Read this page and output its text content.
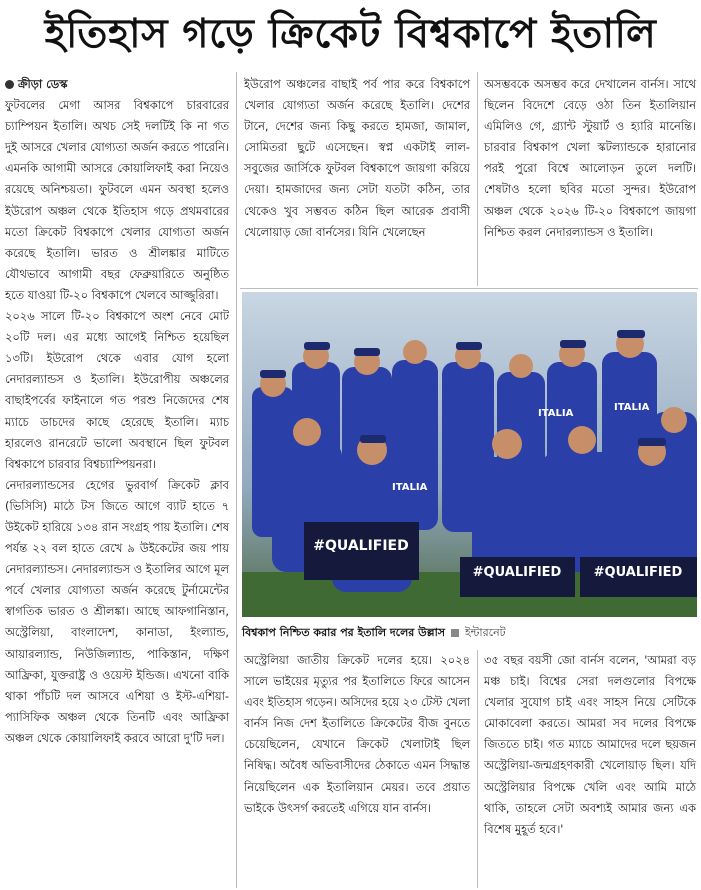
ইতিহাস গড়ে ক্রিকেট বিশ্বকাপে ইতালি
ক্রীড়া ডেস্ক

ফুটবলের মেগা আসর বিশ্বকাপে চারবারের চ্যাম্পিয়ন ইতালি। অথচ সেই দলটিই কি না গত দুই আসরে খেলার যোগ্যতা অর্জন করতে পারেনি। এমনকি আগামী আসরে কোয়ালিফাই করা নিয়েও রয়েছে অনিশ্চয়তা। ফুটবলে এমন অবস্থা হলেও ইউরোপ অঞ্চল থেকে ইতিহাস গড়ে প্রথমবারের মতো ক্রিকেট বিশ্বকাপে খেলার যোগ্যতা অর্জন করেছে ইতালি। ভারত ও শ্রীলঙ্কার মাটিতে যৌথভাবে আগামী বছর ফেব্রুয়ারিতে অনুষ্ঠিত হতে যাওয়া টি-২০ বিশ্বকাপে খেলবে আজ্জুরিরা।

২০২৬ সালে টি-২০ বিশ্বকাপে অংশ নেবে মোট ২০টি দল। এর মধ্যে আগেই নিশ্চিত হয়েছিল ১৩টি। ইউরোপ থেকে এবার যোগ হলো নেদারল্যান্ডস ও ইতালি। ইউরোপীয় অঞ্চলের বাছাইপর্বের ফাইনালে গত পরশু নিজেদের শেষ ম্যাচে ডাচদের কাছে হেরেছে ইতালি। ম্যাচ হারলেও রানরেটে ভালো অবস্থানে ছিল ফুটবল বিশ্বকাপে চারবার বিশ্বচ্যাম্পিয়নরা।

নেদারল্যান্ডসের হেগের ভুরবার্গ ক্রিকেট ক্লাব (ভিসিসি) মাঠে টস জিতে আগে ব্যাট হাতে ৭ উইকেট হারিয়ে ১৩৪ রান সংগ্রহ পায় ইতালি। শেষ পর্যন্ত ২২ বল হাতে রেখে ৯ উইকেটের জয় পায় নেদারল্যান্ডস। নেদারল্যান্ডস ও ইতালির আগে মূল পর্বে খেলার যোগ্যতা অর্জন করেছে টুর্নামেন্টের স্বাগতিক ভারত ও শ্রীলঙ্কা। আছে আফগানিস্তান, অস্ট্রেলিয়া, বাংলাদেশ, কানাডা, ইংল্যান্ড, আয়ারল্যান্ড, নিউজিল্যান্ড, পাকিস্তান, দক্ষিণ আফ্রিকা, যুক্তরাষ্ট্র ও ওয়েস্ট ইন্ডিজ। এখনো বাকি থাকা পাঁচটি দল আসবে এশিয়া ও ইস্ট-এশিয়া-প্যাসিফিক অঞ্চল থেকে তিনটি এবং আফ্রিকা অঞ্চল থেকে কোয়ালিফাই করবে আরো দু'টি দল।

ইউরোপ অঞ্চলের বাছাই পর্ব পার করে বিশ্বকাপে খেলার যোগ্যতা অর্জন করেছে ইতালি। দেশের টানে, দেশের জন্য কিছু করতে হামজা, জামাল, সোমিতরা ছুটে এসেছেন। স্বপ্ন একটাই লাল-সবুজের জার্সিকে ফুটবল বিশ্বকাপে জায়গা করিয়ে দেয়া। হামজাদের জন্য সেটা যতটা কঠিন, তার থেকেও খুব সম্ভবত কঠিন ছিল আরেক প্রবাসী খেলোয়াড় জো বার্নসের। যিনি খেলেছেন

অসম্ভবকে অসম্ভব করে দেখালেন বার্নস। সাথে ছিলেন বিদেশে বেড়ে ওঠা তিন ইতালিয়ান এমিলিও গে, গ্র্যান্ট স্টুয়ার্ট ও হ্যারি মানেন্তি। চারবার বিশ্বকাপ খেলা স্কটল্যান্ডকে হারানোর পরই পুরো বিশ্বে আলোড়ন তুলে দলটি। শেষটাও হলো ছবির মতো সুন্দর। ইউরোপ অঞ্চল থেকে ২০২৬ টি-২০ বিশ্বকাপে জায়গা নিশ্চিত করল নেদারল্যান্ডস ও ইতালি।

#QUALIFIED
#QUALIFIED #QUALIFIED
ITALIA
ITALIA
ITALIA
বিশ্বকাপ নিশ্চিত করার পর ইতালি দলের উল্লাস ইন্টারনেট

অস্ট্রেলিয়া জাতীয় ক্রিকেট দলের হয়ে। ২০২৪ সালে ভাইয়ের মৃত্যুর পর ইতালিতে ফিরে আসেন এবং ইতিহাস গড়েন। অসিদের হয়ে ২৩ টেস্ট খেলা বার্নস নিজ দেশ ইতালিতে ক্রিকেটের বীজ বুনতে চেয়েছিলেন, যেখানে ক্রিকেট খেলাটাই ছিল নিষিদ্ধ। অবৈধ অভিবাসীদের ঠেকাতে এমন সিদ্ধান্ত নিয়েছিলেন এক ইতালিয়ান মেয়র। তবে প্রয়াত ভাইকে উৎসর্গ করতেই এগিয়ে যান বার্নস।

৩৫ বছর বয়সী জো বার্নস বলেন, 'আমরা বড় মঞ্চ চাই। বিশ্বের সেরা দলগুলোর বিপক্ষে খেলার সুযোগ চাই এবং সাহস নিয়ে সেটিকে মোকাবেলা করতে। আমরা সব দলের বিপক্ষে জিততে চাই। গত ম্যাচে আমাদের দলে ছয়জন অস্ট্রেলিয়া-জন্মগ্রহণকারী খেলোয়াড় ছিল। যদি অস্ট্রেলিয়ার বিপক্ষে খেলি এবং আমি মাঠে থাকি, তাহলে সেটা অবশ্যই আমার জন্য এক বিশেষ মুহূর্ত হবে।'
